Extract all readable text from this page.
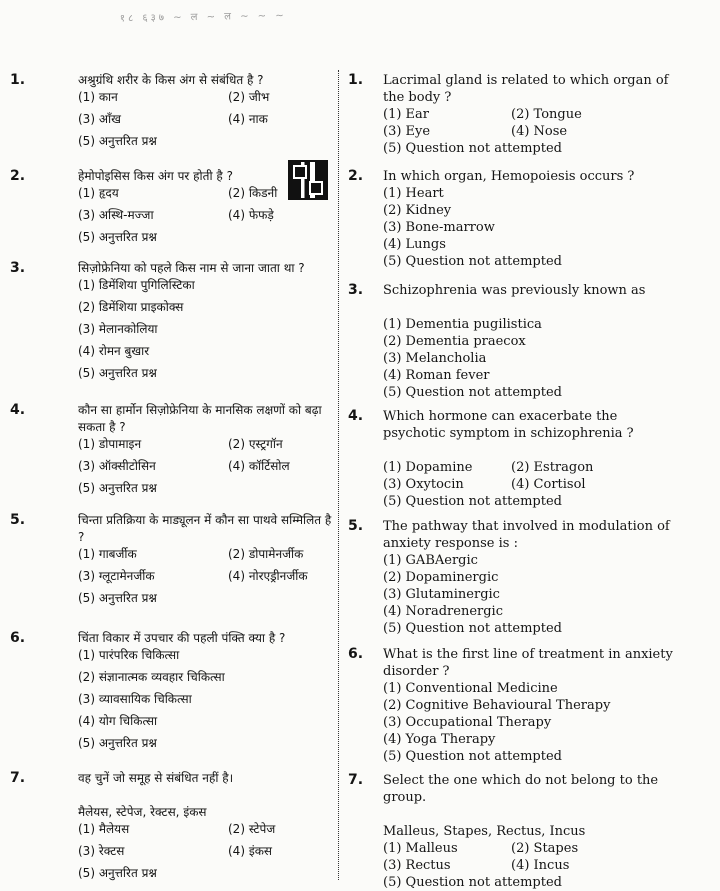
१८ ६३७ ~ ल ~ ल ~ ~ ~
1.	अश्रुग्रंथि शरीर के किस अंग से संबंधित है ?
(1) कान	(2) जीभ
(3) आँख	(4) नाक
(5) अनुत्तरित प्रश्न
2.	हेमोपोइसिस किस अंग पर होती है ?
(1) हृदय	(2) किडनी
(3) अस्थि-मज्जा	(4) फेफड़े
(5) अनुत्तरित प्रश्न
3.	सिज़ोफ्रेनिया को पहले किस नाम से जाना जाता था ?
(1) डिमेंशिया पुगिलिस्टिका
(2) डिमेंशिया प्राइकोक्स
(3) मेलानकोलिया
(4) रोमन बुखार
(5) अनुत्तरित प्रश्न
4.	कौन सा हार्मोन सिज़ोफ्रेनिया के मानसिक लक्षणों को बढ़ा सकता है ?
(1) डोपामाइन	(2) एस्ट्रगॉन
(3) ऑक्सीटोसिन	(4) कॉर्टिसोल
(5) अनुत्तरित प्रश्न
5.	चिन्ता प्रतिक्रिया के माड्यूलन में कौन सा पाथवे सम्मिलित है ?
(1) गाबर्जीक	(2) डोपामेनर्जीक
(3) ग्लूटामेनर्जीक	(4) नोरएड्रीनर्जीक
(5) अनुत्तरित प्रश्न
6.	चिंता विकार में उपचार की पहली पंक्ति क्या है ?
(1) पारंपरिक चिकित्सा
(2) संज्ञानात्मक व्यवहार चिकित्सा
(3) व्यावसायिक चिकित्सा
(4) योग चिकित्सा
(5) अनुत्तरित प्रश्न
7.	वह चुनें जो समूह से संबंधित नहीं है।
मैलेयस, स्टेपेज, रेक्टस, इंकस
(1) मैलेयस	(2) स्टेपेज
(3) रेक्टस	(4) इंकस
(5) अनुत्तरित प्रश्न
1. Lacrimal gland is related to which organ of the body ?
(1) Ear	(2) Tongue
(3) Eye	(4) Nose
(5) Question not attempted
2. In which organ, Hemopoiesis occurs ?
(1) Heart
(2) Kidney
(3) Bone-marrow
(4) Lungs
(5) Question not attempted
3. Schizophrenia was previously known as
(1) Dementia pugilistica
(2) Dementia praecox
(3) Melancholia
(4) Roman fever
(5) Question not attempted
4. Which hormone can exacerbate the psychotic symptom in schizophrenia ?
(1) Dopamine	(2) Estragon
(3) Oxytocin	(4) Cortisol
(5) Question not attempted
5. The pathway that involved in modulation of anxiety response is :
(1) GABAergic
(2) Dopaminergic
(3) Glutaminergic
(4) Noradrenergic
(5) Question not attempted
6. What is the first line of treatment in anxiety disorder ?
(1) Conventional Medicine
(2) Cognitive Behavioural Therapy
(3) Occupational Therapy
(4) Yoga Therapy
(5) Question not attempted
7. Select the one which do not belong to the group.
Malleus, Stapes, Rectus, Incus
(1) Malleus	(2) Stapes
(3) Rectus	(4) Incus
(5) Question not attempted
